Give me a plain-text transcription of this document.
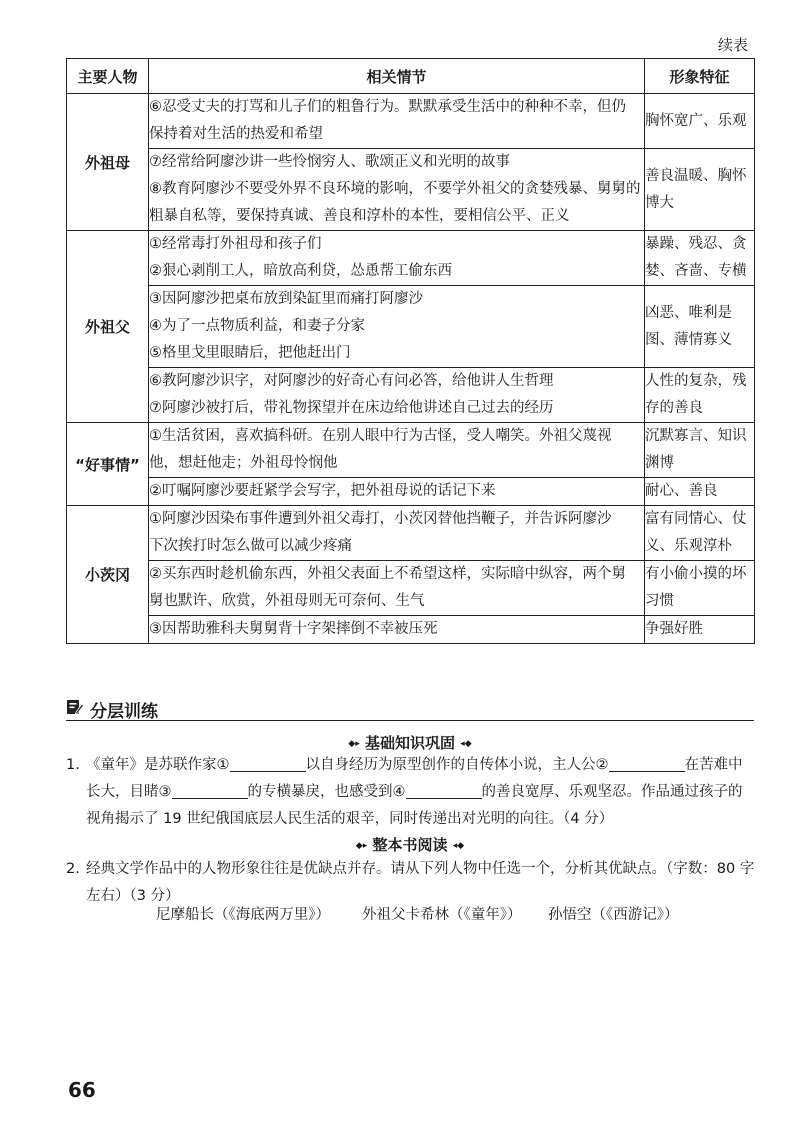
续表
主要人物	相关情节	形象特征
外祖母	⑥忍受丈夫的打骂和儿子们的粗鲁行为。默默承受生活中的种种不幸，但仍
保持着对生活的热爱和希望	胸怀宽广、乐观

	⑦经常给阿廖沙讲一些怜悯穷人、歌颂正义和光明的故事
⑧教育阿廖沙不要受外界不良环境的影响，不要学外祖父的贪婪残暴、舅舅的
粗暴自私等，要保持真诚、善良和淳朴的本性，要相信公平、正义	善良温暖、胸怀博大
外祖父	①经常毒打外祖母和孩子们
②狠心剥削工人，暗放高利贷，怂恿帮工偷东西	暴躁、残忍、贪婪、吝啬、专横

	③因阿廖沙把桌布放到染缸里而痛打阿廖沙
④为了一点物质利益，和妻子分家
⑤格里戈里眼睛后，把他赶出门	凶恶、唯利是图、薄情寡义

	⑥教阿廖沙识字，对阿廖沙的好奇心有问必答，给他讲人生哲理
⑦阿廖沙被打后，带礼物探望并在床边给他讲述自己过去的经历	人性的复杂，残存的善良
“好事情”	①生活贫困，喜欢搞科研。在别人眼中行为古怪，受人嘲笑。外祖父蔑视
他，想赶他走；外祖母怜悯他	沉默寡言、知识渊博

	②叮嘱阿廖沙要赶紧学会写字，把外祖母说的话记下来	耐心、善良
小茨冈	①阿廖沙因染布事件遭到外祖父毒打，小茨冈替他挡鞭子，并告诉阿廖沙
下次挨打时怎么做可以减少疼痛	富有同情心、仗义、乐观淳朴

	②买东西时趁机偷东西，外祖父表面上不希望这样，实际暗中纵容，两个舅
舅也默许、欣赏，外祖母则无可奈何、生气	有小偷小摸的坏习惯

	③因帮助雅科夫舅舅背十字架摔倒不幸被压死	争强好胜
分层训练
◆▸ 基础知识巩固 ◂◆
1. 《童年》是苏联作家①	以自身经历为原型创作的自传体小说，主人公②	在苦难中长大，目睹③	的专横暴戾，也感受到④	的善良宽厚、乐观坚忍。作品通过孩子的视角揭示了 19 世纪俄国底层人民生活的艰辛，同时传递出对光明的向往。（4 分）
◆▸ 整本书阅读 ◂◆
2. 经典文学作品中的人物形象往往是优缺点并存。请从下列人物中任选一个，分析其优缺点。（字数：80 字左右）（3 分）
尼摩船长（《海底两万里》） 外祖父卡希林（《童年》） 孙悟空（《西游记》）
66
